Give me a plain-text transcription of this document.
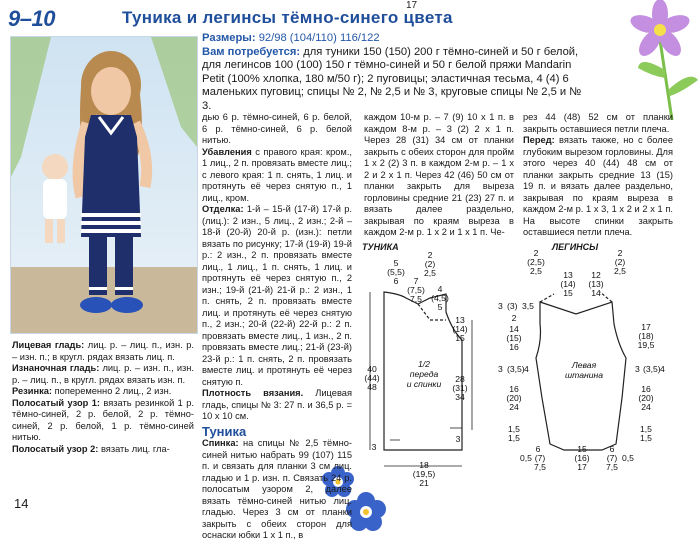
9–10	Туника и легинсы тёмно-синего цвета
17
Размеры: 92/98 (104/110) 116/122
Вам потребуется: для туники 150 (150) 200 г тёмно-синей и 50 г белой, для легинсов 100 (100) 150 г тёмно-синей и 50 г белой пряжи Mandarin Petit (100% хлопка, 180 м/50 г); 2 пуговицы; эластичная тесьма, 4 (4) 6 маленьких пуговиц; спицы № 2, № 2,5 и № 3, круговые спицы № 2,5 и № 3.

Лицевая гладь: лиц. р. – лиц. п., изн. р. – изн. п.; в кругл. рядах вязать лиц. п.

Изнаночная гладь: лиц. р. – изн. п., изн. р. – лиц. п., в кругл. рядах вязать изн. п.

Резинка: попеременно 2 лиц., 2 изн.

Полосатый узор 1: вязать резинкой 1 р. тёмно-синей, 2 р. белой, 2 р. тёмно-синей, 2 р. белой, 1 р. тёмно-синей нитью.

Полосатый узор 2: вязать лиц. гла-

дью 6 р. тёмно-синей, 6 р. белой, 6 р. тёмно-синей, 6 р. белой нитью.

Убавления с правого края: кром., 1 лиц., 2 п. провязать вместе лиц.; с левого края: 1 п. снять, 1 лиц. и протянуть её через снятую п., 1 лиц., кром.

Отделка: 1-й – 15-й (17-й) 17-й р. (лиц.): 2 изн., 5 лиц., 2 изн.; 2-й – 18-й (20-й) 20-й р. (изн.): петли вязать по рисунку; 17-й (19-й) 19-й р.: 2 изн., 2 п. провязать вместе лиц., 1 лиц., 1 п. снять, 1 лиц. и протянуть её через снятую п., 2 изн.; 19-й (21-й) 21-й р.: 2 изн., 1 п. снять, 2 п. провязать вместе лиц. и протянуть её через снятую п., 2 изн.; 20-й (22-й) 22-й р.: 2 п. провязать вместе лиц., 1 изн., 2 п. провязать вместе лиц.; 21-й (23-й) 23-й р.: 1 п. снять, 2 п. провязать вместе лиц. и протянуть её через снятую п.

Плотность вязания. Лицевая гладь, спицы № 3: 27 п. и 36,5 р. = 10 х 10 см.

Туника

Спинка: на спицы № 2,5 тёмно-синей нитью набрать 99 (107) 115 п. и связать для планки 3 см лиц. гладью и 1 р. изн. п. Связать 24 р. полосатым узором 2, далее вязать тёмно-синей нитью лиц. гладью. Через 3 см от планки закрыть с обеих сторон для оснаски юбки 1 х 1 п., в

каждом 10-м р. – 7 (9) 10 х 1 п. в каждом 8-м р. – 3 (2) 2 х 1 п. Через 28 (31) 34 см от планки закрыть с обеих сторон для пройм 1 х 2 (2) 3 п. в каждом 2-м р. – 1 х 2 и 2 х 1 п. Через 42 (46) 50 см от планки закрыть для выреза горловины средние 21 (23) 27 п. и вязать далее раздельно, закрывая по краям выреза в каждом 2-м р. 1 х 2 и 1 х 1 п. Че-

рез 44 (48) 52 см от планки закрыть оставшиеся петли плеча.

Перед: вязать также, но с более глубоким вырезом горловины. Для этого через 40 (44) 48 см от планки закрыть средние 13 (15) 19 п. и вязать далее раздельно, закрывая по краям выреза в каждом 2-м р. 1 х 3, 1 х 2 и 2 х 1 п. На высоте спинки закрыть оставшиеся петли плеча.

ТУНИКА
1/2
переда
и спинки
2
(2)
2,5
5
(5,5)
6 7
(7,5)
7,5
4
(4,5)
5
13
(14)
15
40
(44)
48
28
(31)
34
3
3
18
(19,5)
21
ЛЕГИНСЫ
Левая
штанина
2
(2,5)
2,5 13
(14)
15
12
(13)
14
2
(2)
2,5
3 (3) 3,5
2
14
(15)
16
17
(18)
19,5
3 (3,5) 4	3 (3,5) 4
16
(20)
24
16
(20)
24
1,5
1,5
1,5
1,5
6
0,5 (7)
7,5
15
(16)
17
6
(7)
7,5
0,5
14
